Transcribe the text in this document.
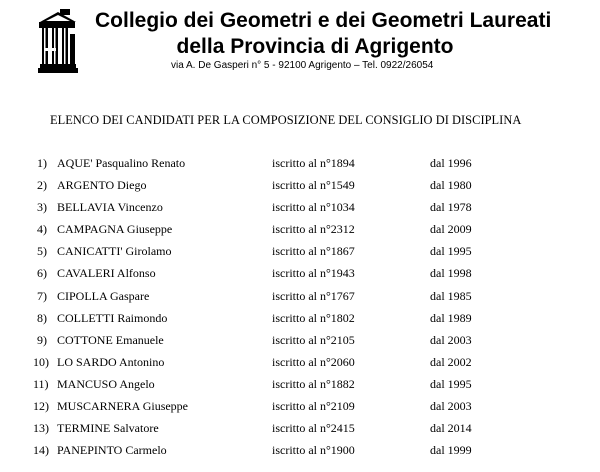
Collegio dei Geometri e dei Geometri Laureati
della Provincia di Agrigento
via A. De Gasperi n° 5 - 92100 Agrigento – Tel. 0922/26054
ELENCO DEI CANDIDATI PER LA COMPOSIZIONE DEL CONSIGLIO DI DISCIPLINA
1) AQUE' Pasqualino Renato	iscritto al n°1894	dal 1996
2) ARGENTO Diego	iscritto al n°1549	dal 1980
3) BELLAVIA Vincenzo	iscritto al n°1034	dal 1978
4) CAMPAGNA Giuseppe	iscritto al n°2312	dal 2009
5) CANICATTI' Girolamo	iscritto al n°1867	dal 1995
6) CAVALERI Alfonso	iscritto al n°1943	dal 1998
7) CIPOLLA Gaspare	iscritto al n°1767	dal 1985
8) COLLETTI Raimondo	iscritto al n°1802	dal 1989
9) COTTONE Emanuele	iscritto al n°2105	dal 2003
10) LO SARDO Antonino	iscritto al n°2060	dal 2002
11) MANCUSO Angelo	iscritto al n°1882	dal 1995
12) MUSCARNERA Giuseppe	iscritto al n°2109	dal 2003
13) TERMINE Salvatore	iscritto al n°2415	dal 2014
14) PANEPINTO Carmelo	iscritto al n°1900	dal 1999
